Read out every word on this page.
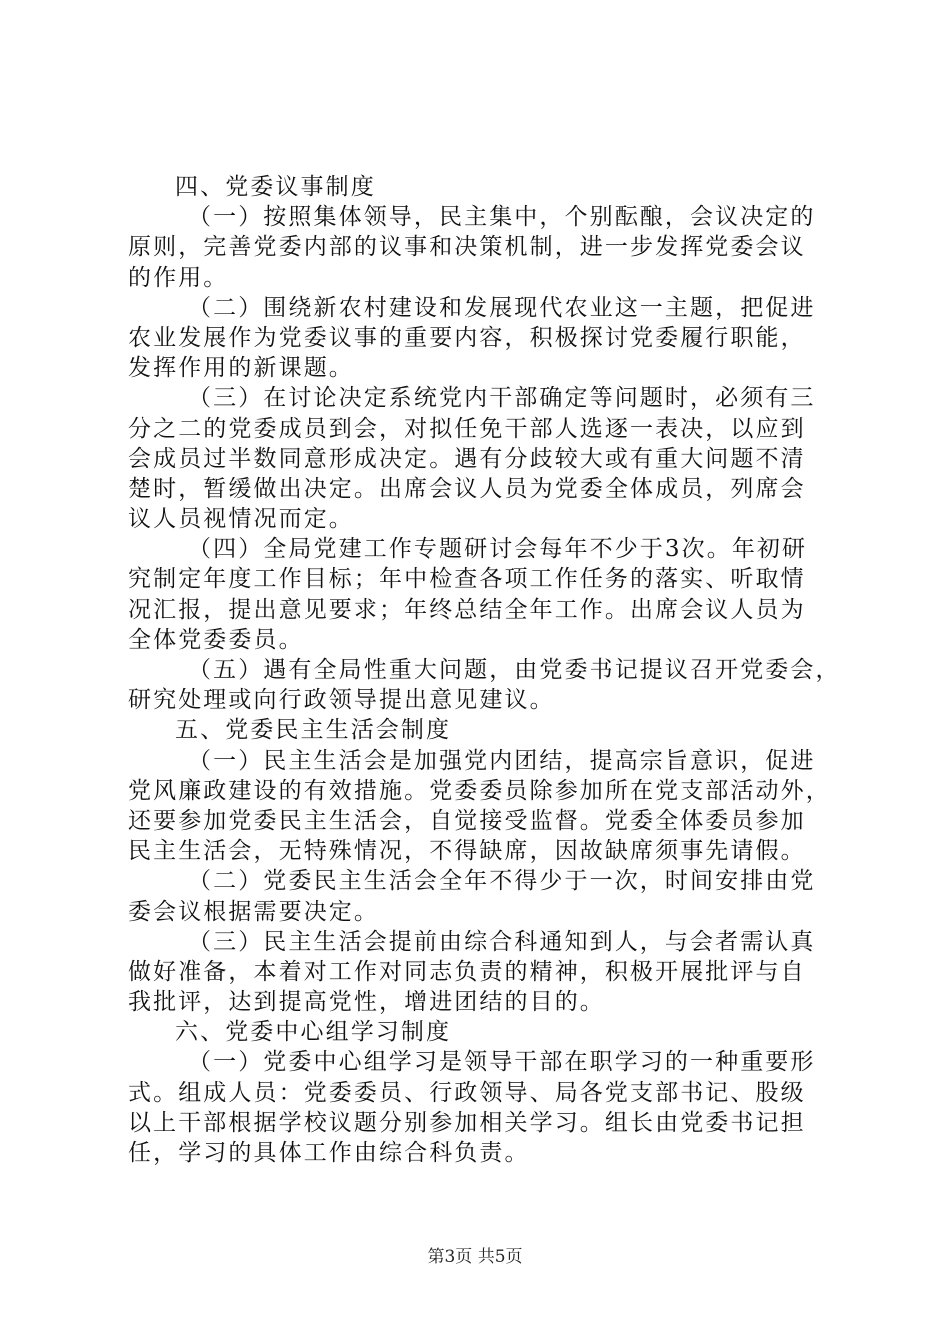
四、党委议事制度
（一）按照集体领导，民主集中，个别酝酿，会议决定的
原则，完善党委内部的议事和决策机制，进一步发挥党委会议
的作用。
（二）围绕新农村建设和发展现代农业这一主题，把促进
农业发展作为党委议事的重要内容，积极探讨党委履行职能，
发挥作用的新课题。
（三）在讨论决定系统党内干部确定等问题时，必须有三
分之二的党委成员到会，对拟任免干部人选逐一表决，以应到
会成员过半数同意形成决定。遇有分歧较大或有重大问题不清
楚时，暂缓做出决定。出席会议人员为党委全体成员，列席会
议人员视情况而定。
（四）全局党建工作专题研讨会每年不少于3次。年初研
究制定年度工作目标；年中检查各项工作任务的落实、听取情
况汇报，提出意见要求；年终总结全年工作。出席会议人员为
全体党委委员。
（五）遇有全局性重大问题，由党委书记提议召开党委会，
研究处理或向行政领导提出意见建议。
五、党委民主生活会制度
（一）民主生活会是加强党内团结，提高宗旨意识，促进
党风廉政建设的有效措施。党委委员除参加所在党支部活动外，
还要参加党委民主生活会，自觉接受监督。党委全体委员参加
民主生活会，无特殊情况，不得缺席，因故缺席须事先请假。
（二）党委民主生活会全年不得少于一次，时间安排由党
委会议根据需要决定。
（三）民主生活会提前由综合科通知到人，与会者需认真
做好准备，本着对工作对同志负责的精神，积极开展批评与自
我批评，达到提高党性，增进团结的目的。
六、党委中心组学习制度
（一）党委中心组学习是领导干部在职学习的一种重要形
式。组成人员：党委委员、行政领导、局各党支部书记、股级
以上干部根据学校议题分别参加相关学习。组长由党委书记担
任，学习的具体工作由综合科负责。
第3页 共5页
